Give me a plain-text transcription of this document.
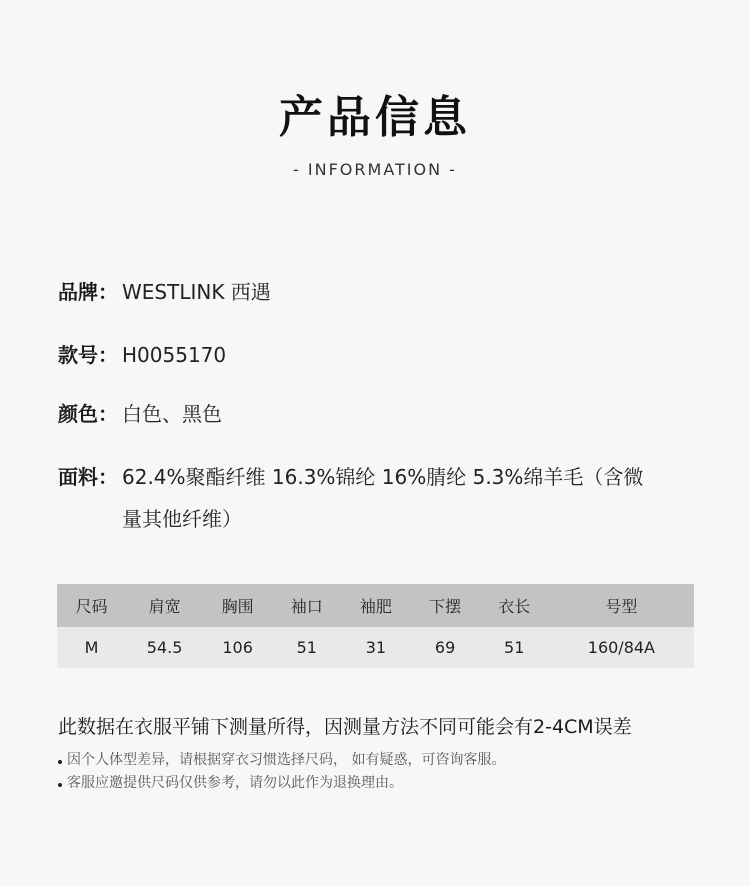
产品信息
- INFORMATION -
品牌： WESTLINK 西遇
款号： H0055170
颜色： 白色、黑色
面料： 62.4%聚酯纤维 16.3%锦纶 16%腈纶 5.3%绵羊毛（含微量其他纤维）
尺码	肩宽	胸围	袖口	袖肥	下摆	衣长	号型
M	54.5	106	51	31	69	51	160/84A
此数据在衣服平铺下测量所得，因测量方法不同可能会有2-4CM误差
因个人体型差异，请根据穿衣习惯选择尺码， 如有疑惑，可咨询客服。
客服应邀提供尺码仅供参考，请勿以此作为退换理由。
